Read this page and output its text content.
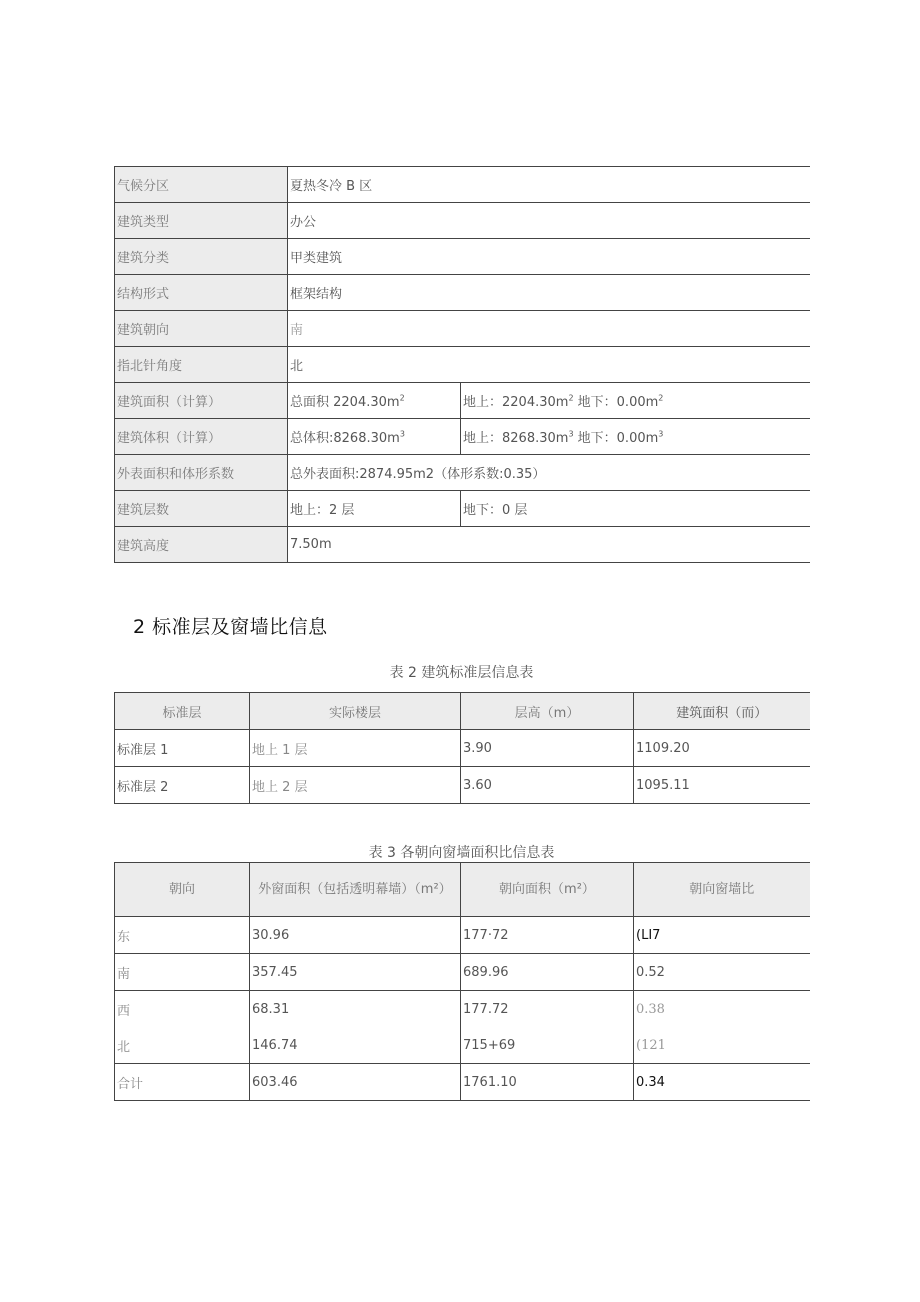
气候分区	夏热冬冷 B 区	
建筑类型	办公	
建筑分类	甲类建筑	
结构形式	框架结构	
建筑朝向	南	
指北针角度	北	
建筑面积（计算）	总面积 $2204.30m^2$	地上：$2204.30m^2$ 地下：$0.00m^2$
建筑体积（计算）	总体积$:8268.30m^3$	地上：$8268.30m^3$ 地下：$0.00m^3$
外表面积和体形系数	总外表面积:2874.95m2（体形系数:0.35）	
建筑层数	地上：2 层	地下：0 层
建筑高度	7.50m	
2 标准层及窗墙比信息
表 2 建筑标准层信息表
标准层	实际楼层	层高（m）	建筑面积（而）
标准层 1	地上 1 层	3.90	1109.20
标准层 2	地上 2 层	3.60	1095.11
表 3 各朝向窗墙面积比信息表
朝向	外窗面积（包括透明幕墙）（m²）	朝向面积（m²）	朝向窗墙比
东	30.96	177·72	(LI7
南	357.45	689.96	0.52
西	68.31	177.72	0.38
北	146.74	715+69	(121
合计	603.46	1761.10	0.34
